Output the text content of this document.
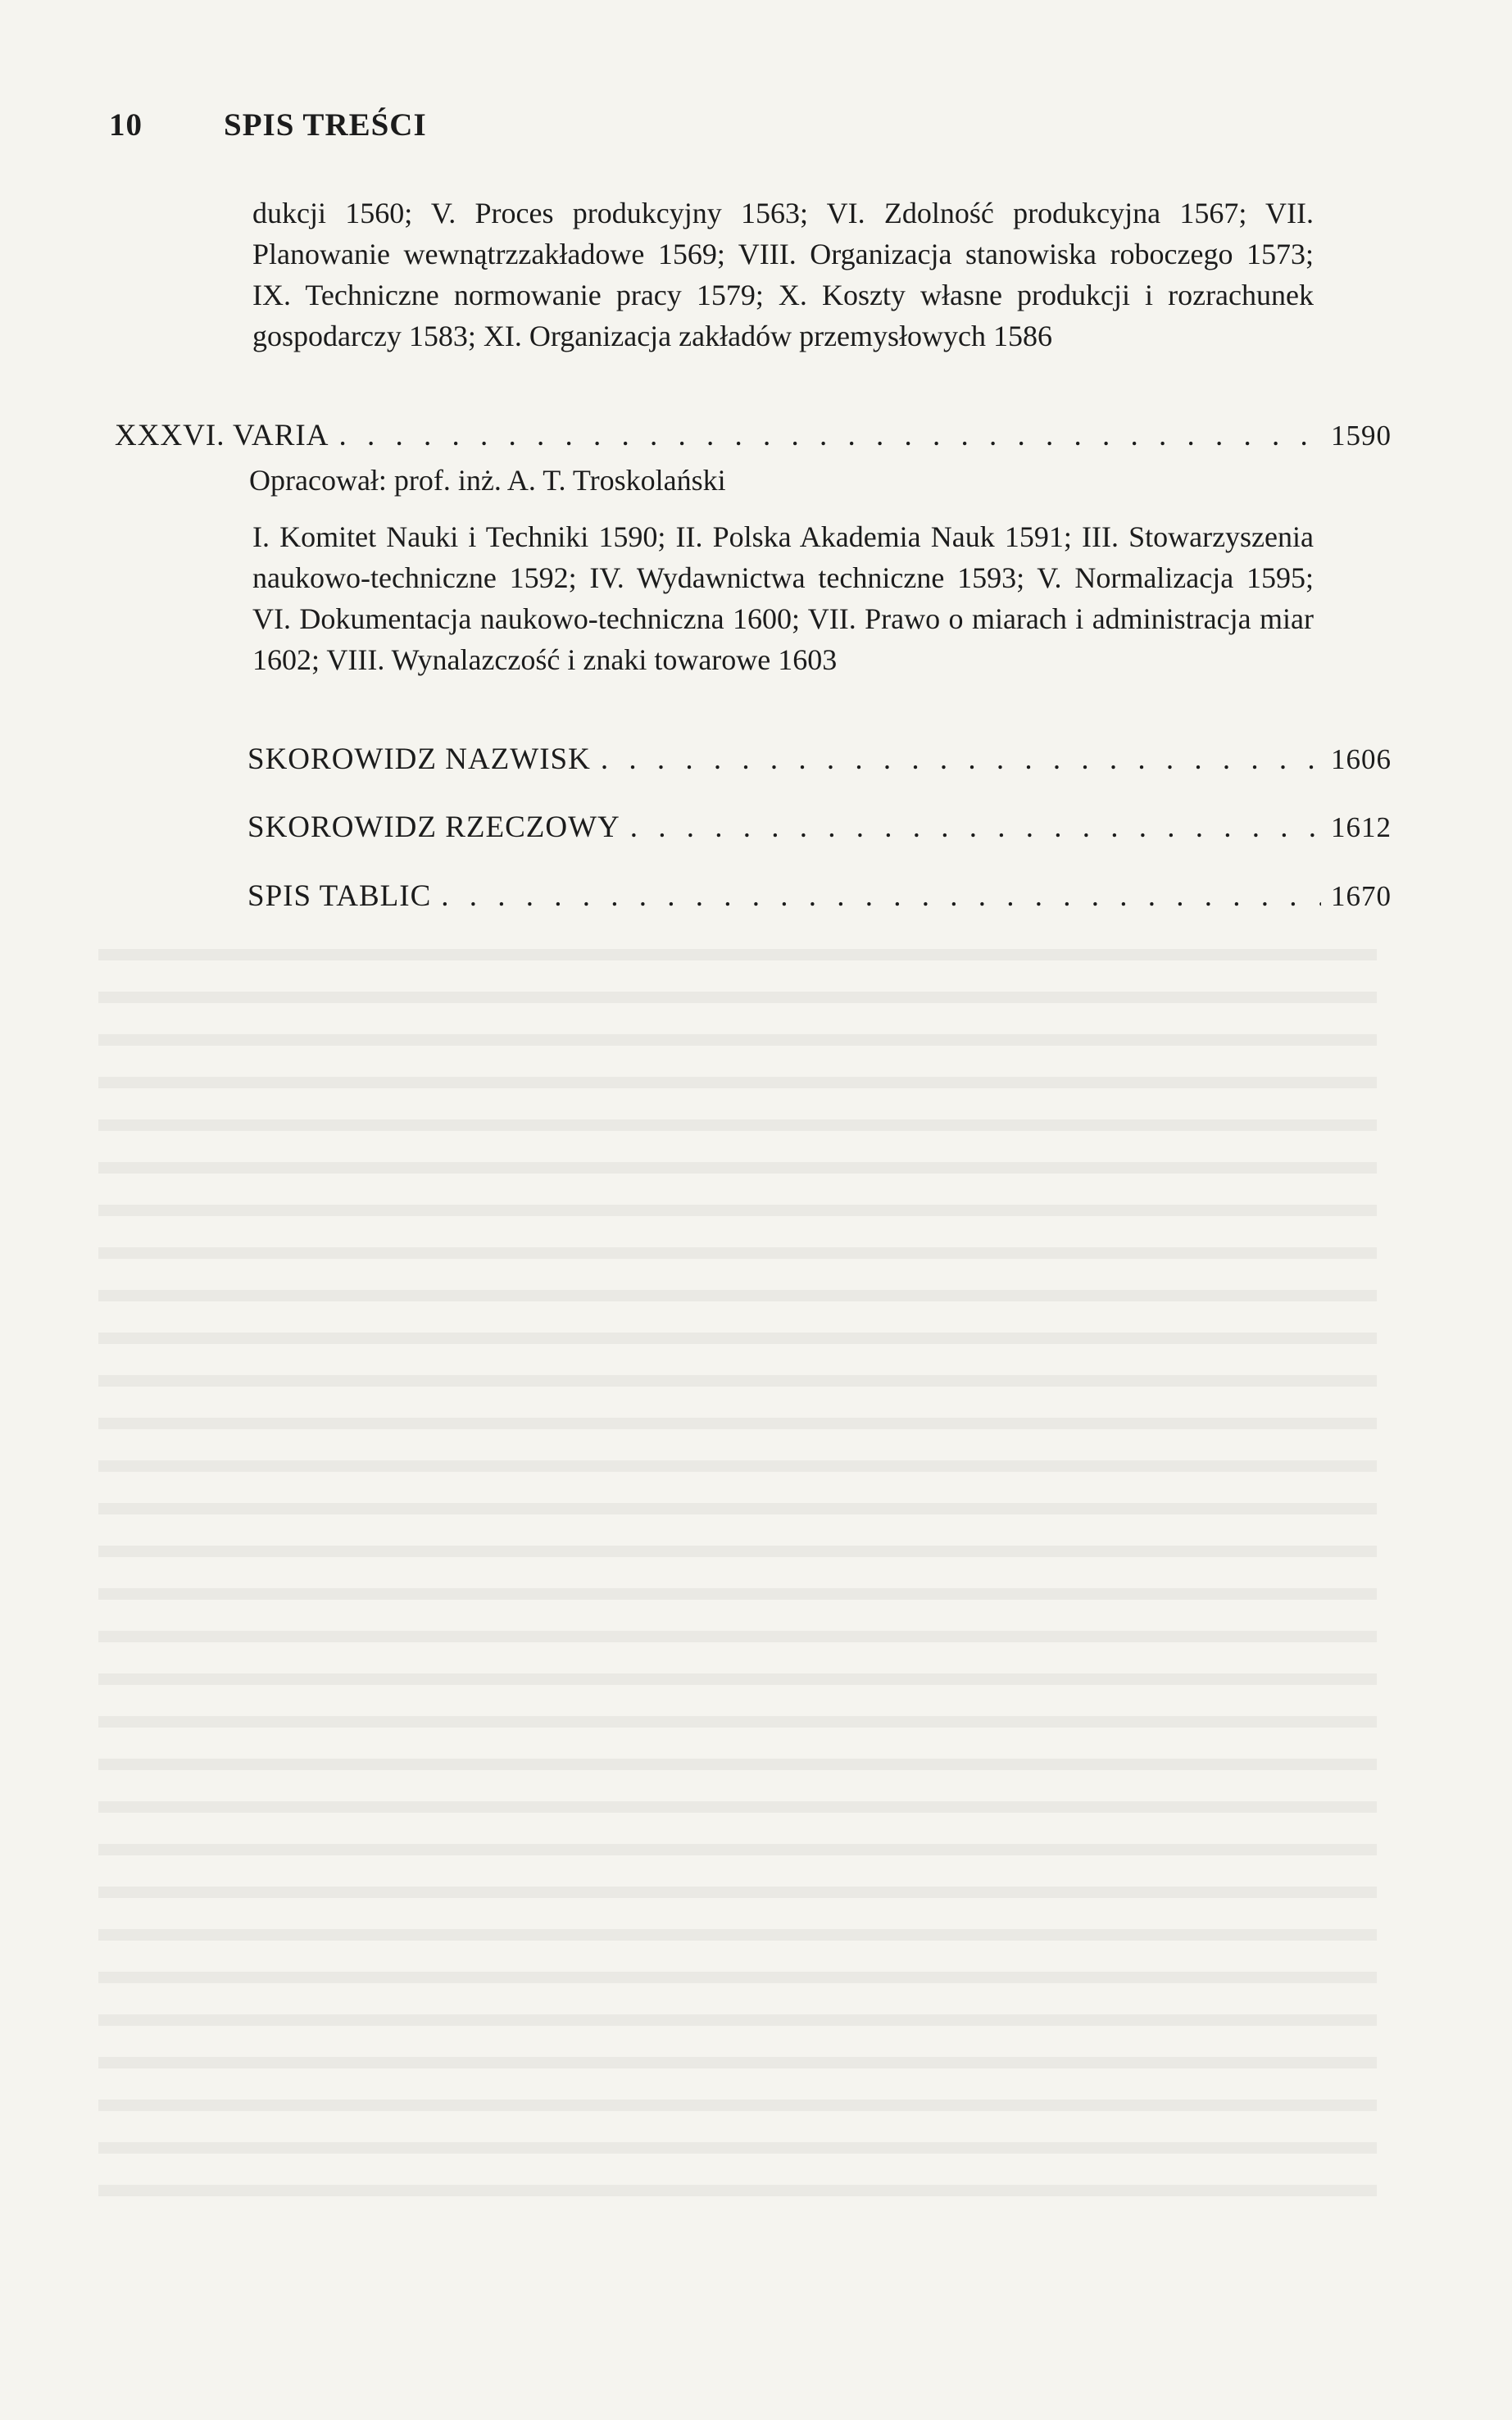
10	SPIS TREŚCI

dukcji 1560; V. Proces produkcyjny 1563; VI. Zdolność produkcyjna 1567; VII. Planowanie wewnątrzzakładowe 1569; VIII. Organizacja stanowiska roboczego 1573; IX. Techniczne normowanie pracy 1579; X. Koszty własne produkcji i rozrachunek gospodarczy 1583; XI. Organizacja zakładów przemysłowych 1586

XXXVI. VARIA . . .	1590
Opracował: prof. inż. A. T. Troskolański

I. Komitet Nauki i Techniki 1590; II. Polska Akademia Nauk 1591; III. Stowarzyszenia naukowo-techniczne 1592; IV. Wydawnictwa techniczne 1593; V. Normalizacja 1595; VI. Dokumentacja naukowo-techniczna 1600; VII. Prawo o miarach i administracja miar 1602; VIII. Wynalazczość i znaki towarowe 1603

SKOROWIDZ NAZWISK . . .	1606
SKOROWIDZ RZECZOWY . . .	1612
SPIS TABLIC . . .	1670
